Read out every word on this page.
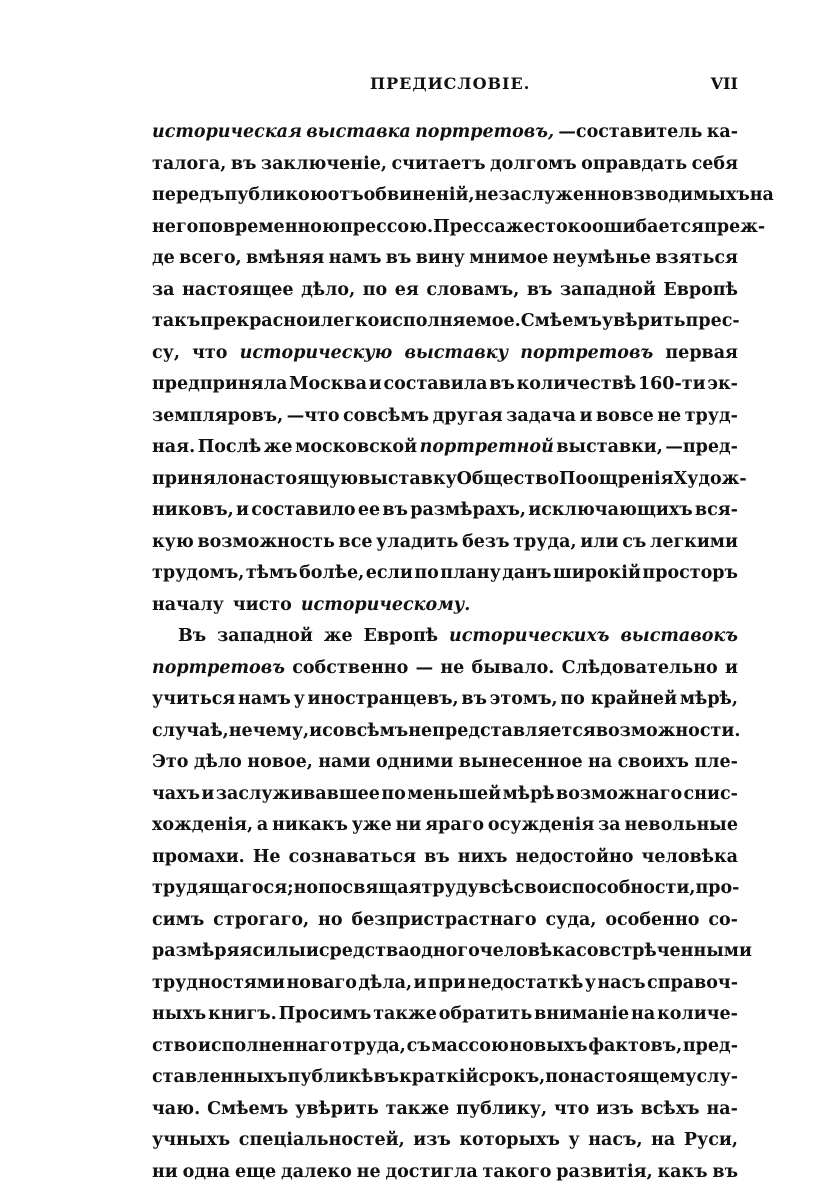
ПРЕДИСЛОВІЕ.	VII
историческая выставка портретовъ, —составитель ка-
талога, въ заключеніе, считаетъ долгомъ оправдать себя
передъ публикою отъ обвиненій, незаслуженно взводимыхъ на
него повременною прессою. Пресса жестоко ошибается преж-
де всего, вмѣняя намъ въ вину мнимое неумѣнье взяться
за настоящее дѣло, по ея словамъ, въ западной Европѣ
такъ прекрасно и легко исполняемое. Смѣемъ увѣрить прес-
су, что историческую выставку портретовъ первая
предприняла Москва и составила въ количествѣ 160-ти эк-
земпляровъ, —что совсѣмъ другая задача и вовсе не труд-
ная. Послѣ же московской портретной выставки, —пред-
приняло настоящую выставку Общество Поощренія Худож-
никовъ, и составило ее въ размѣрахъ, исключающихъ вся-
кую возможность все уладить безъ труда, или съ легкими
трудомъ, тѣмъ болѣе, если по плану данъ широкій просторъ
началу чисто историческому.
Въ западной же Европѣ историческихъ выставокъ
портретовъ собственно — не бывало. Слѣдовательно и
учиться намъ у иностранцевъ, въ этомъ, по крайней мѣрѣ,
случаѣ, нечему, и совсѣмъ не представляется возможности.
Это дѣло новое, нами одними вынесенное на своихъ пле-
чахъ и заслуживавшее по меньшей мѣрѣ возможнаго снис-
хожденія, а никакъ уже ни яраго осужденія за невольные
промахи. Не сознаваться въ нихъ недостойно человѣка
трудящагося; но посвящая труду всѣ свои способности, про-
симъ строгаго, но безпристрастнаго суда, особенно со-
размѣряя силы и средства одного человѣка со встрѣченными
трудностями новаго дѣла, и при недостаткѣ у насъ справоч-
ныхъ книгъ. Просимъ также обратить вниманіе на количе-
ство исполненнаго труда, съ массою новыхъ фактовъ, пред-
ставленныхъ публикѣ въ краткій срокъ, по настоящему слу-
чаю. Смѣемъ увѣрить также публику, что изъ всѣхъ на-
учныхъ спеціальностей, изъ которыхъ у насъ, на Руси,
ни одна еще далеко не достигла такого развитія, какъ въ
